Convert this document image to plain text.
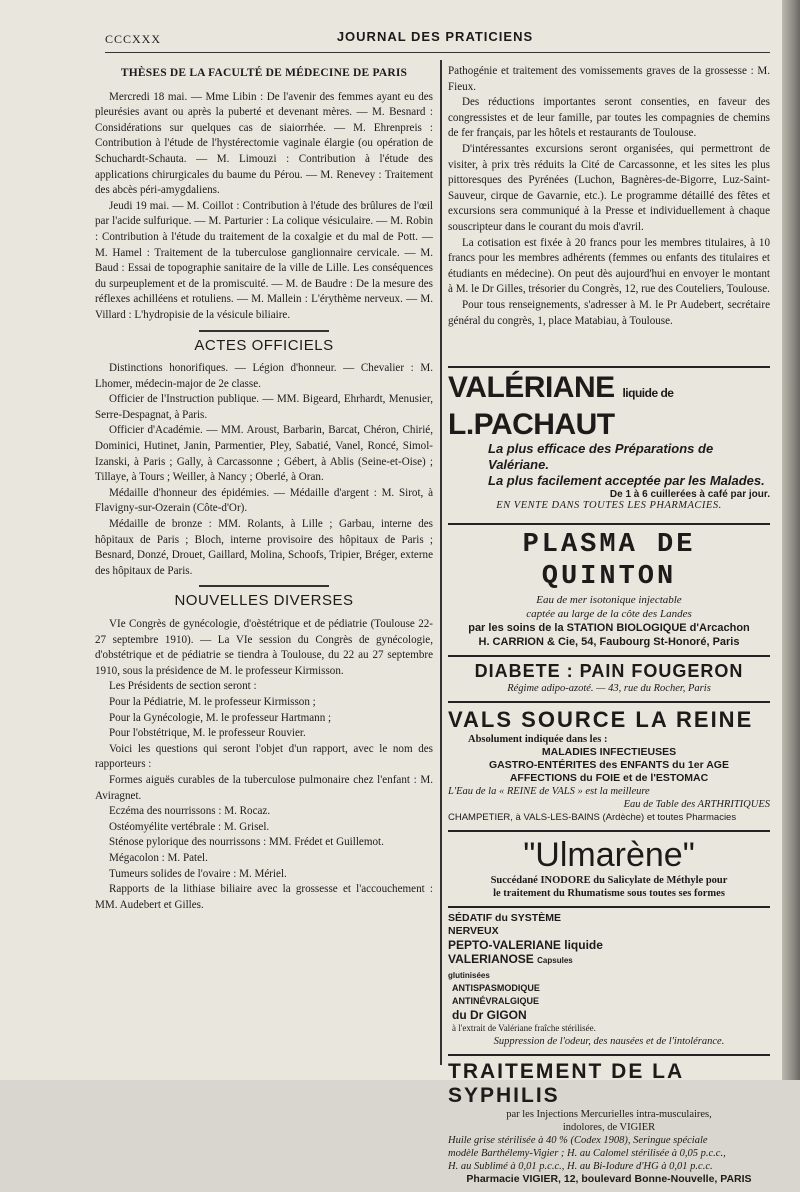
CCCXXX	JOURNAL DES PRATICIENS
THÈSES DE LA FACULTÉ DE MÉDECINE DE PARIS

Mercredi 18 mai. — Mme Libin : De l'avenir des femmes ayant eu des pleurésies avant ou après la puberté et devenant mères. — M. Besnard : Considérations sur quelques cas de siaiorrhée. — M. Ehrenpreis : Contribution à l'étude de l'hystérectomie vaginale élargie (ou opération de Schuchardt-Schauta. — M. Limouzi : Contribution à l'étude des applications chirurgicales du baume du Pérou. — M. Renevey : Traitement des abcès péri-amygdaliens.

Jeudi 19 mai. — M. Coillot : Contribution à l'étude des brûlures de l'œil par l'acide sulfurique. — M. Parturier : La colique vésiculaire. — M. Robin : Contribution à l'étude du traitement de la coxalgie et du mal de Pott. — M. Hamel : Traitement de la tuberculose ganglionnaire cervicale. — M. Baud : Essai de topographie sanitaire de la ville de Lille. Les conséquences du surpeuplement et de la promiscuité. — M. de Baudre : De la mesure des réflexes achilléens et rotuliens. — M. Mallein : L'érythème nerveux. — M. Villard : L'hydropisie de la vésicule biliaire.

ACTES OFFICIELS

Distinctions honorifiques. — Légion d'honneur. — Chevalier : M. Lhomer, médecin-major de 2e classe.

Officier de l'Instruction publique. — MM. Bigeard, Ehrhardt, Menusier, Serre-Despagnat, à Paris.

Officier d'Académie. — MM. Aroust, Barbarin, Barcat, Chéron, Chirié, Dominici, Hutinet, Janin, Parmentier, Pley, Sabatié, Vanel, Roncé, Simol-Izanski, à Paris ; Gally, à Carcassonne ; Gébert, à Ablis (Seine-et-Oise) ; Tillaye, à Tours ; Weiller, à Nancy ; Oberlé, à Oran.

Médaille d'honneur des épidémies. — Médaille d'argent : M. Sirot, à Flavigny-sur-Ozerain (Côte-d'Or).

Médaille de bronze : MM. Rolants, à Lille ; Garbau, interne des hôpitaux de Paris ; Bloch, interne provisoire des hôpitaux de Paris ; Besnard, Donzé, Drouet, Gaillard, Molina, Schoofs, Tripier, Bréger, externe des hôpitaux de Paris.

NOUVELLES DIVERSES

VIe Congrès de gynécologie, d'oèstétrique et de pédiatrie (Toulouse 22-27 septembre 1910). — La VIe session du Congrès de gynécologie, d'obstétrique et de pédiatrie se tiendra à Toulouse, du 22 au 27 septembre 1910, sous la présidence de M. le professeur Kirmisson.

Les Présidents de section seront :

Pour la Pédiatrie, M. le professeur Kirmisson ;

Pour la Gynécologie, M. le professeur Hartmann ;

Pour l'obstétrique, M. le professeur Rouvier.

Voici les questions qui seront l'objet d'un rapport, avec le nom des rapporteurs :

Formes aiguës curables de la tuberculose pulmonaire chez l'enfant : M. Aviragnet.

Eczéma des nourrissons : M. Rocaz.

Ostéomyélite vertébrale : M. Grisel.

Sténose pylorique des nourrissons : MM. Frédet et Guillemot.

Mégacolon : M. Patel.

Tumeurs solides de l'ovaire : M. Mériel.

Rapports de la lithiase biliaire avec la grossesse et l'accouchement : MM. Audebert et Gilles.

Pathogénie et traitement des vomissements graves de la grossesse : M. Fieux.

Des réductions importantes seront consenties, en faveur des congressistes et de leur famille, par toutes les compagnies de chemins de fer français, par les hôtels et restaurants de Toulouse.

D'intéressantes excursions seront organisées, qui permettront de visiter, à prix très réduits la Cité de Carcassonne, et les sites les plus pittoresques des Pyrénées (Luchon, Bagnères-de-Bigorre, Luz-Saint-Sauveur, cirque de Gavarnie, etc.). Le programme détaillé des fêtes et excursions sera communiqué à la Presse et individuellement à chaque souscripteur dans le courant du mois d'avril.

La cotisation est fixée à 20 francs pour les membres titulaires, à 10 francs pour les membres adhérents (femmes ou enfants des titulaires et étudiants en médecine). On peut dès aujourd'hui en envoyer le montant à M. le Dr Gilles, trésorier du Congrès, 12, rue des Couteliers, Toulouse.

Pour tous renseignements, s'adresser à M. le Pr Audebert, secrétaire général du congrès, 1, place Matabiau, à Toulouse.

VALÉRIANE liquide de L.PACHAUT
La plus efficace des Préparations de Valériane.
La plus facilement acceptée par les Malades.
De 1 à 6 cuillerées à café par jour.
EN VENTE DANS TOUTES LES PHARMACIES.
PLASMA DE QUINTON
Eau de mer isotonique injectable
captée au large de la côte des Landes
par les soins de la STATION BIOLOGIQUE d'Arcachon
H. CARRION & Cie, 54, Faubourg St-Honoré, Paris
DIABETE : PAIN FOUGERON
Régime adipo-azoté. — 43, rue du Rocher, Paris
VALS SOURCE LA REINE
Absolument indiquée dans les :
MALADIES INFECTIEUSES
GASTRO-ENTÉRITES des ENFANTS du 1er AGE
AFFECTIONS du FOIE et de l'ESTOMAC
L'Eau de la « REINE de VALS » est la meilleure
Eau de Table des ARTHRITIQUES
CHAMPETIER, à VALS-LES-BAINS (Ardèche) et toutes Pharmacies
"Ulmarène"
Succédané INODORE du Salicylate de Méthyle pour
le traitement du Rhumatisme sous toutes ses formes
SÉDATIF du SYSTÈME NERVEUX
PEPTO-VALERIANE liquide
VALERIANOSE Capsules glutinisées
ANTISPASMODIQUE ANTINÉVRALGIQUE
du Dr GIGON
à l'extrait de Valériane fraîche stérilisée.
Suppression de l'odeur, des nausées et de l'intolérance.
TRAITEMENT DE LA SYPHILIS
par les Injections Mercurielles intra-musculaires,
indolores, de VIGIER
Huile grise stérilisée à 40 % (Codex 1908), Seringue spéciale
modèle Barthélemy-Vigier ; H. au Calomel stérilisée à 0,05 p.c.c.,
H. au Sublimé à 0,01 p.c.c., H. au Bi-Iodure d'HG à 0,01 p.c.c.
Pharmacie VIGIER, 12, boulevard Bonne-Nouvelle, PARIS
